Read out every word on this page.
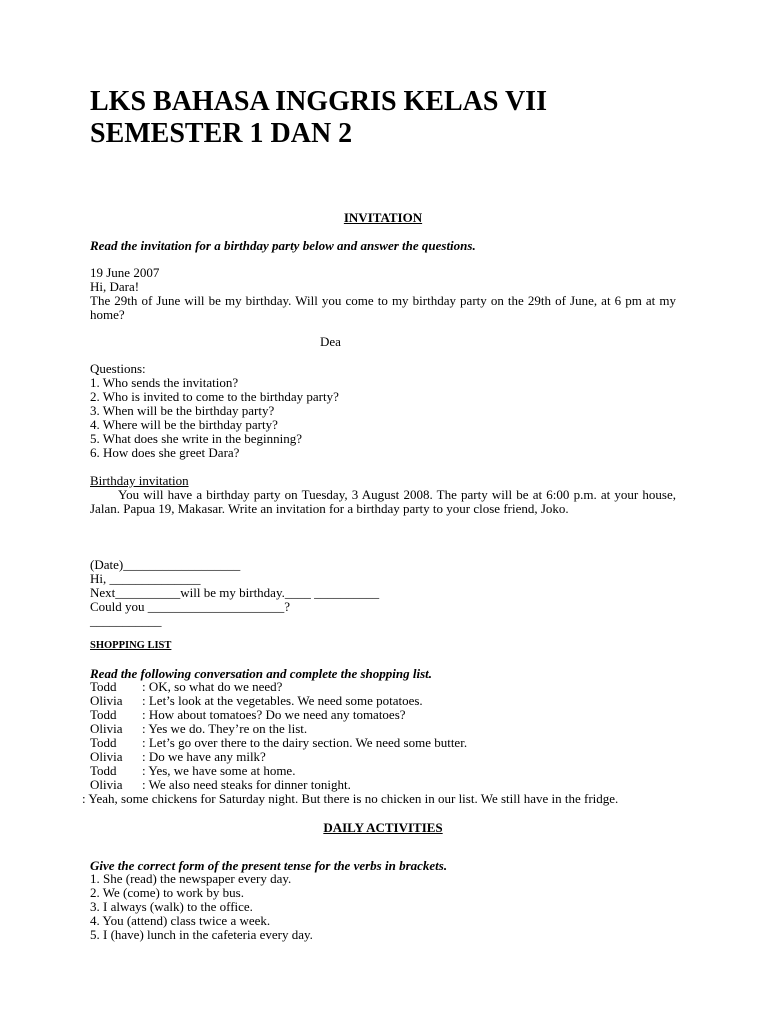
LKS BAHASA INGGRIS KELAS VII
SEMESTER 1 DAN 2
INVITATION
Read the invitation for a birthday party below and answer the questions.
19 June 2007
Hi, Dara!
The 29th of June will be my birthday. Will you come to my birthday party on the 29th of June, at 6 pm at my home?
Dea
Questions:
1. Who sends the invitation?
2. Who is invited to come to the birthday party?
3. When will be the birthday party?
4. Where will be the birthday party?
5. What does she write in the beginning?
6. How does she greet Dara?
Birthday invitation
You will have a birthday party on Tuesday, 3 August 2008. The party will be at 6:00 p.m. at your house, Jalan. Papua 19, Makasar. Write an invitation for a birthday party to your close friend, Joko.
(Date)__________________
Hi, ______________
Next__________will be my birthday.____ __________
Could you _____________________?
___________
SHOPPING LIST
Read the following conversation and complete the shopping list.
Todd	: OK, so what do we need?
Olivia	: Let’s look at the vegetables. We need some potatoes.
Todd	: How about tomatoes? Do we need any tomatoes?
Olivia	: Yes we do. They’re on the list.
Todd	: Let’s go over there to the dairy section. We need some butter.
Olivia	: Do we have any milk?
Todd	: Yes, we have some at home.
Olivia	: We also need steaks for dinner tonight.
: Yeah, some chickens for Saturday night. But there is no chicken in our list. We still have in the fridge.
DAILY ACTIVITIES
Give the correct form of the present tense for the verbs in brackets.
1. She (read) the newspaper every day.
2. We (come) to work by bus.
3. I always (walk) to the office.
4. You (attend) class twice a week.
5. I (have) lunch in the cafeteria every day.
